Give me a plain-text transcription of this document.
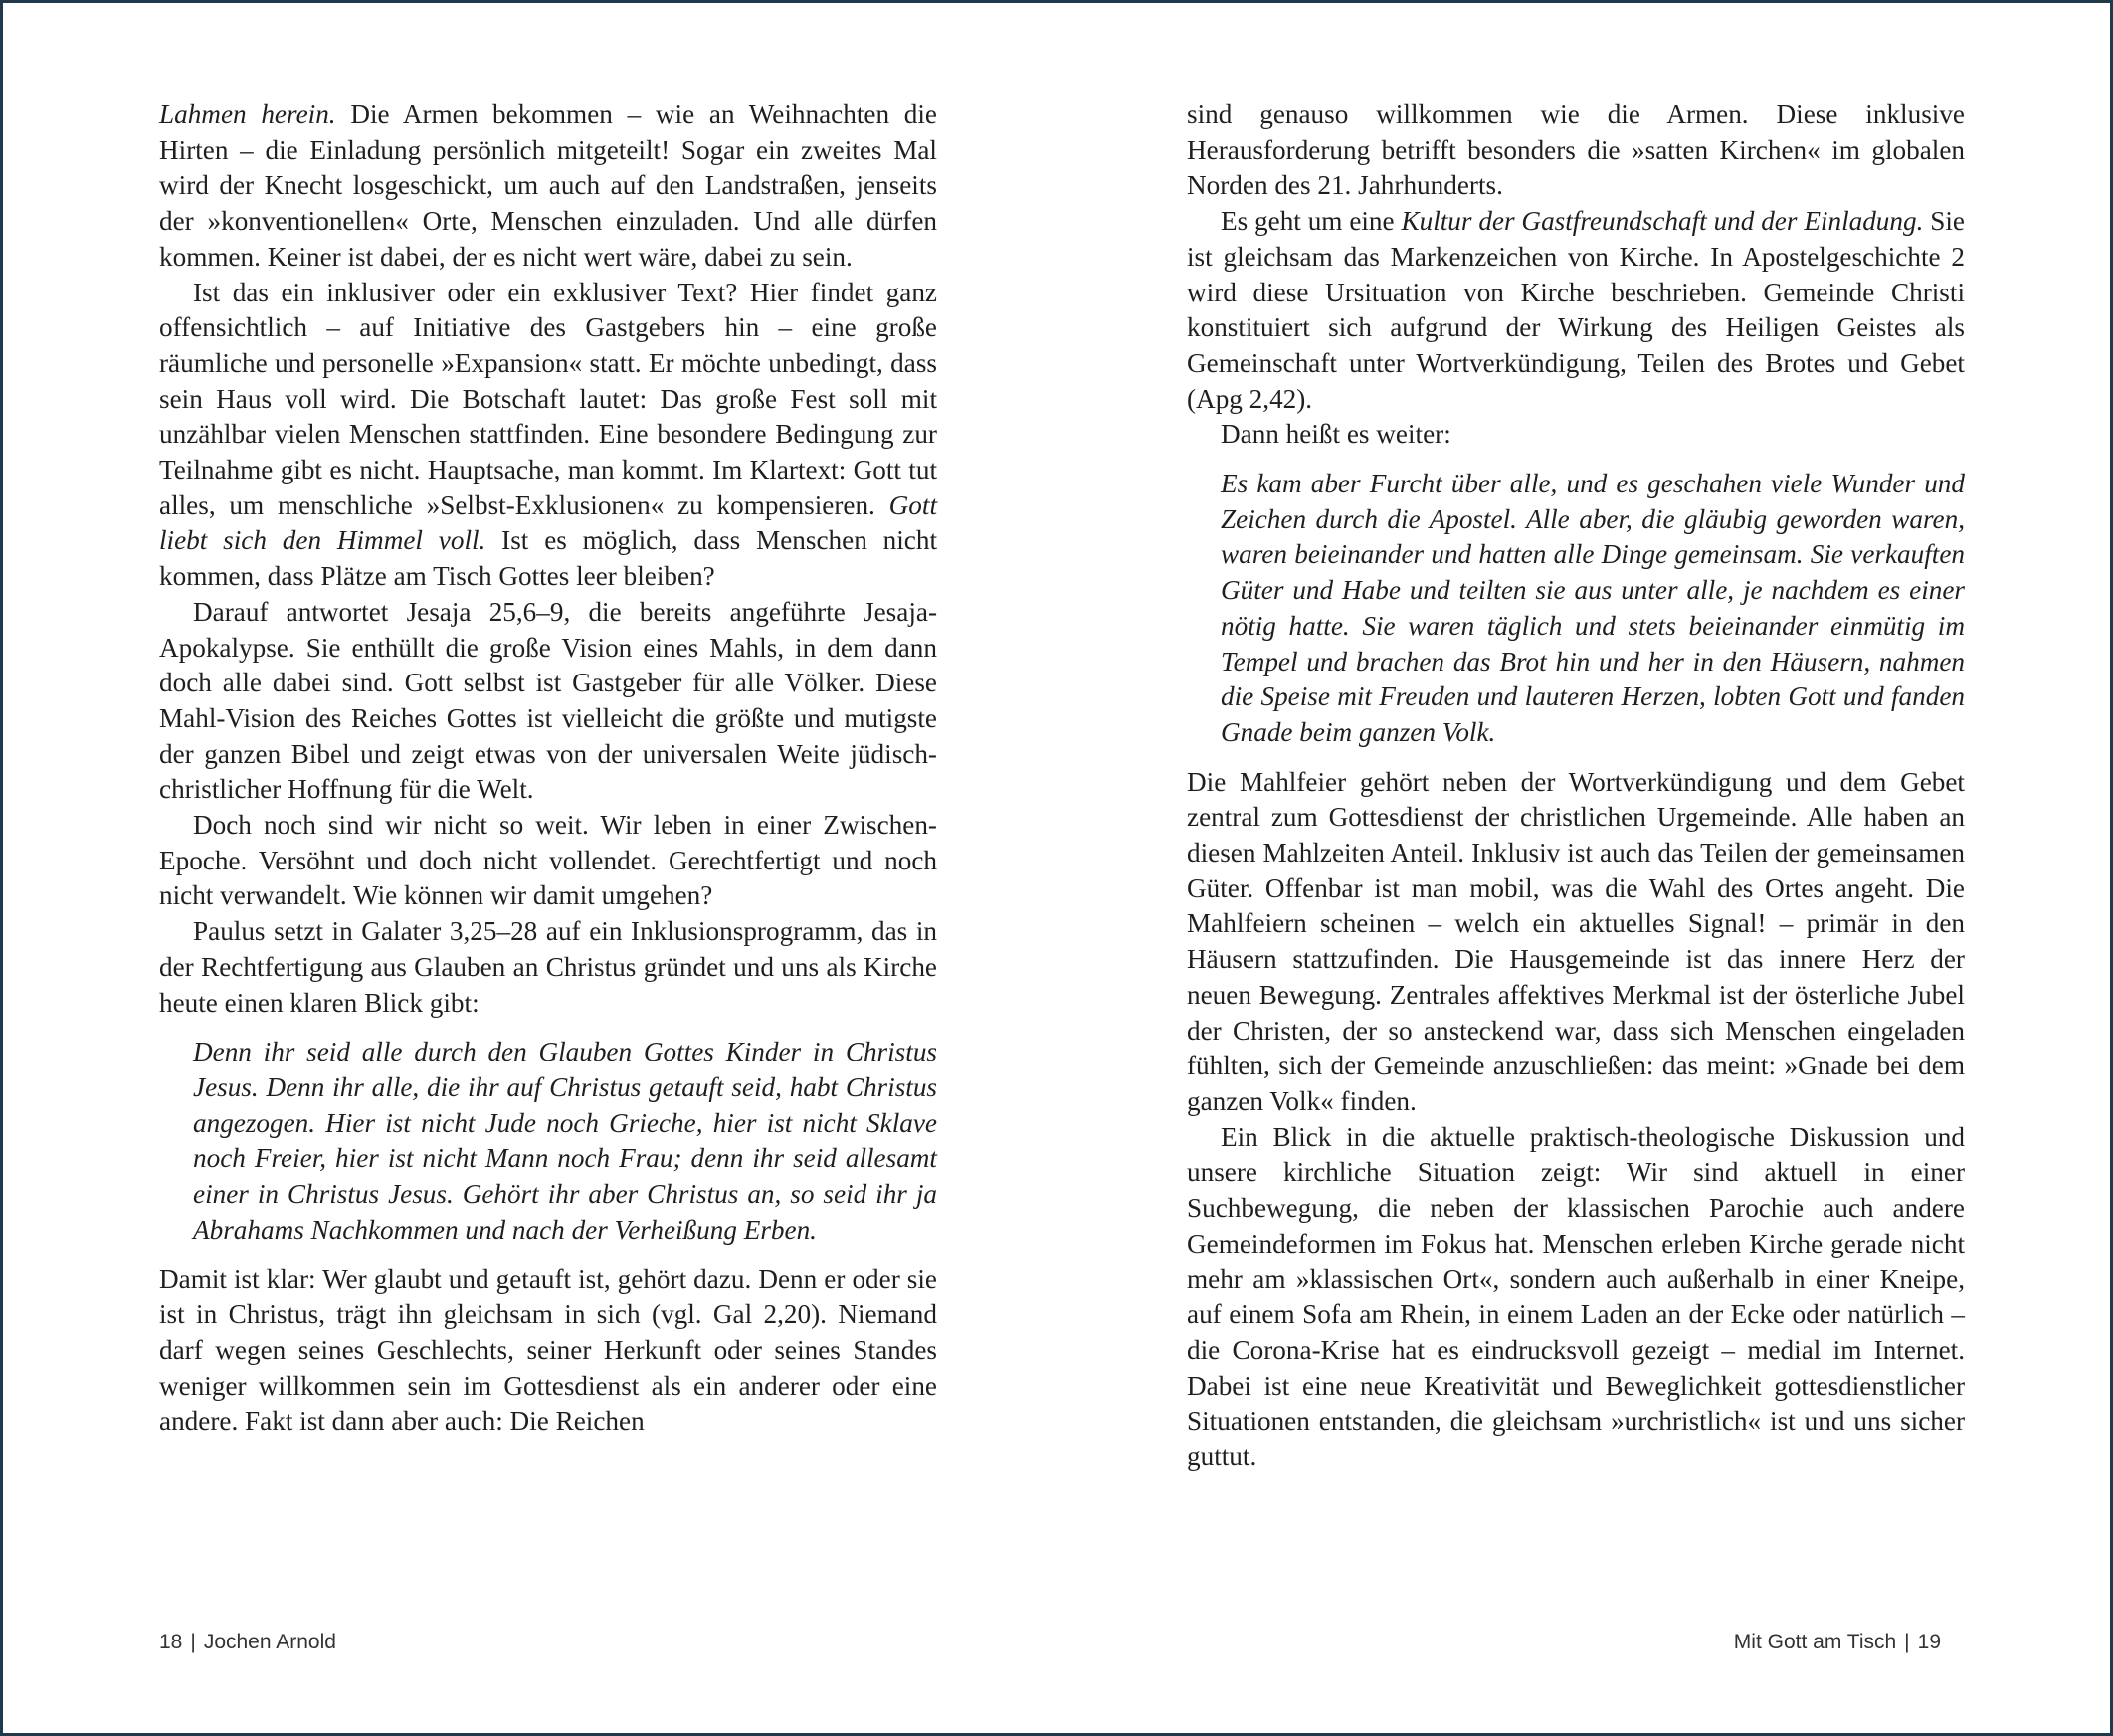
Lahmen herein. Die Armen bekommen – wie an Weihnachten die Hirten – die Einladung persönlich mitgeteilt! Sogar ein zweites Mal wird der Knecht losgeschickt, um auch auf den Landstraßen, jenseits der »konventionellen« Orte, Menschen einzuladen. Und alle dürfen kommen. Keiner ist dabei, der es nicht wert wäre, dabei zu sein.

Ist das ein inklusiver oder ein exklusiver Text? Hier findet ganz offensichtlich – auf Initiative des Gastgebers hin – eine große räumliche und personelle »Expansion« statt. Er möchte unbedingt, dass sein Haus voll wird. Die Botschaft lautet: Das große Fest soll mit unzählbar vielen Menschen stattfinden. Eine besondere Bedingung zur Teilnahme gibt es nicht. Hauptsache, man kommt. Im Klartext: Gott tut alles, um menschliche »Selbst-Exklusionen« zu kompensieren. Gott liebt sich den Himmel voll. Ist es möglich, dass Menschen nicht kommen, dass Plätze am Tisch Gottes leer bleiben?

Darauf antwortet Jesaja 25,6–9, die bereits angeführte Jesaja-Apokalypse. Sie enthüllt die große Vision eines Mahls, in dem dann doch alle dabei sind. Gott selbst ist Gastgeber für alle Völker. Diese Mahl-Vision des Reiches Gottes ist vielleicht die größte und mutigste der ganzen Bibel und zeigt etwas von der universalen Weite jüdisch-christlicher Hoffnung für die Welt.

Doch noch sind wir nicht so weit. Wir leben in einer Zwischen-Epoche. Versöhnt und doch nicht vollendet. Gerechtfertigt und noch nicht verwandelt. Wie können wir damit umgehen?

Paulus setzt in Galater 3,25–28 auf ein Inklusionsprogramm, das in der Rechtfertigung aus Glauben an Christus gründet und uns als Kirche heute einen klaren Blick gibt:

Denn ihr seid alle durch den Glauben Gottes Kinder in Christus Jesus. Denn ihr alle, die ihr auf Christus getauft seid, habt Christus angezogen. Hier ist nicht Jude noch Grieche, hier ist nicht Sklave noch Freier, hier ist nicht Mann noch Frau; denn ihr seid allesamt einer in Christus Jesus. Gehört ihr aber Christus an, so seid ihr ja Abrahams Nachkommen und nach der Verheißung Erben.

Damit ist klar: Wer glaubt und getauft ist, gehört dazu. Denn er oder sie ist in Christus, trägt ihn gleichsam in sich (vgl. Gal 2,20). Niemand darf wegen seines Geschlechts, seiner Herkunft oder seines Standes weniger willkommen sein im Gottesdienst als ein anderer oder eine andere. Fakt ist dann aber auch: Die Reichen

sind genauso willkommen wie die Armen. Diese inklusive Herausforderung betrifft besonders die »satten Kirchen« im globalen Norden des 21. Jahrhunderts.

Es geht um eine Kultur der Gastfreundschaft und der Einladung. Sie ist gleichsam das Markenzeichen von Kirche. In Apostelgeschichte 2 wird diese Ursituation von Kirche beschrieben. Gemeinde Christi konstituiert sich aufgrund der Wirkung des Heiligen Geistes als Gemeinschaft unter Wortverkündigung, Teilen des Brotes und Gebet (Apg 2,42).

Dann heißt es weiter:

Es kam aber Furcht über alle, und es geschahen viele Wunder und Zeichen durch die Apostel. Alle aber, die gläubig geworden waren, waren beieinander und hatten alle Dinge gemeinsam. Sie verkauften Güter und Habe und teilten sie aus unter alle, je nachdem es einer nötig hatte. Sie waren täglich und stets beieinander einmütig im Tempel und brachen das Brot hin und her in den Häusern, nahmen die Speise mit Freuden und lauteren Herzen, lobten Gott und fanden Gnade beim ganzen Volk.

Die Mahlfeier gehört neben der Wortverkündigung und dem Gebet zentral zum Gottesdienst der christlichen Urgemeinde. Alle haben an diesen Mahlzeiten Anteil. Inklusiv ist auch das Teilen der gemeinsamen Güter. Offenbar ist man mobil, was die Wahl des Ortes angeht. Die Mahlfeiern scheinen – welch ein aktuelles Signal! – primär in den Häusern stattzufinden. Die Hausgemeinde ist das innere Herz der neuen Bewegung. Zentrales affektives Merkmal ist der österliche Jubel der Christen, der so ansteckend war, dass sich Menschen eingeladen fühlten, sich der Gemeinde anzuschließen: das meint: »Gnade bei dem ganzen Volk« finden.

Ein Blick in die aktuelle praktisch-theologische Diskussion und unsere kirchliche Situation zeigt: Wir sind aktuell in einer Suchbewegung, die neben der klassischen Parochie auch andere Gemeindeformen im Fokus hat. Menschen erleben Kirche gerade nicht mehr am »klassischen Ort«, sondern auch außerhalb in einer Kneipe, auf einem Sofa am Rhein, in einem Laden an der Ecke oder natürlich – die Corona-Krise hat es eindrucksvoll gezeigt – medial im Internet. Dabei ist eine neue Kreativität und Beweglichkeit gottesdienstlicher Situationen entstanden, die gleichsam »urchristlich« ist und uns sicher guttut.

18 | Jochen Arnold	Mit Gott am Tisch | 19
